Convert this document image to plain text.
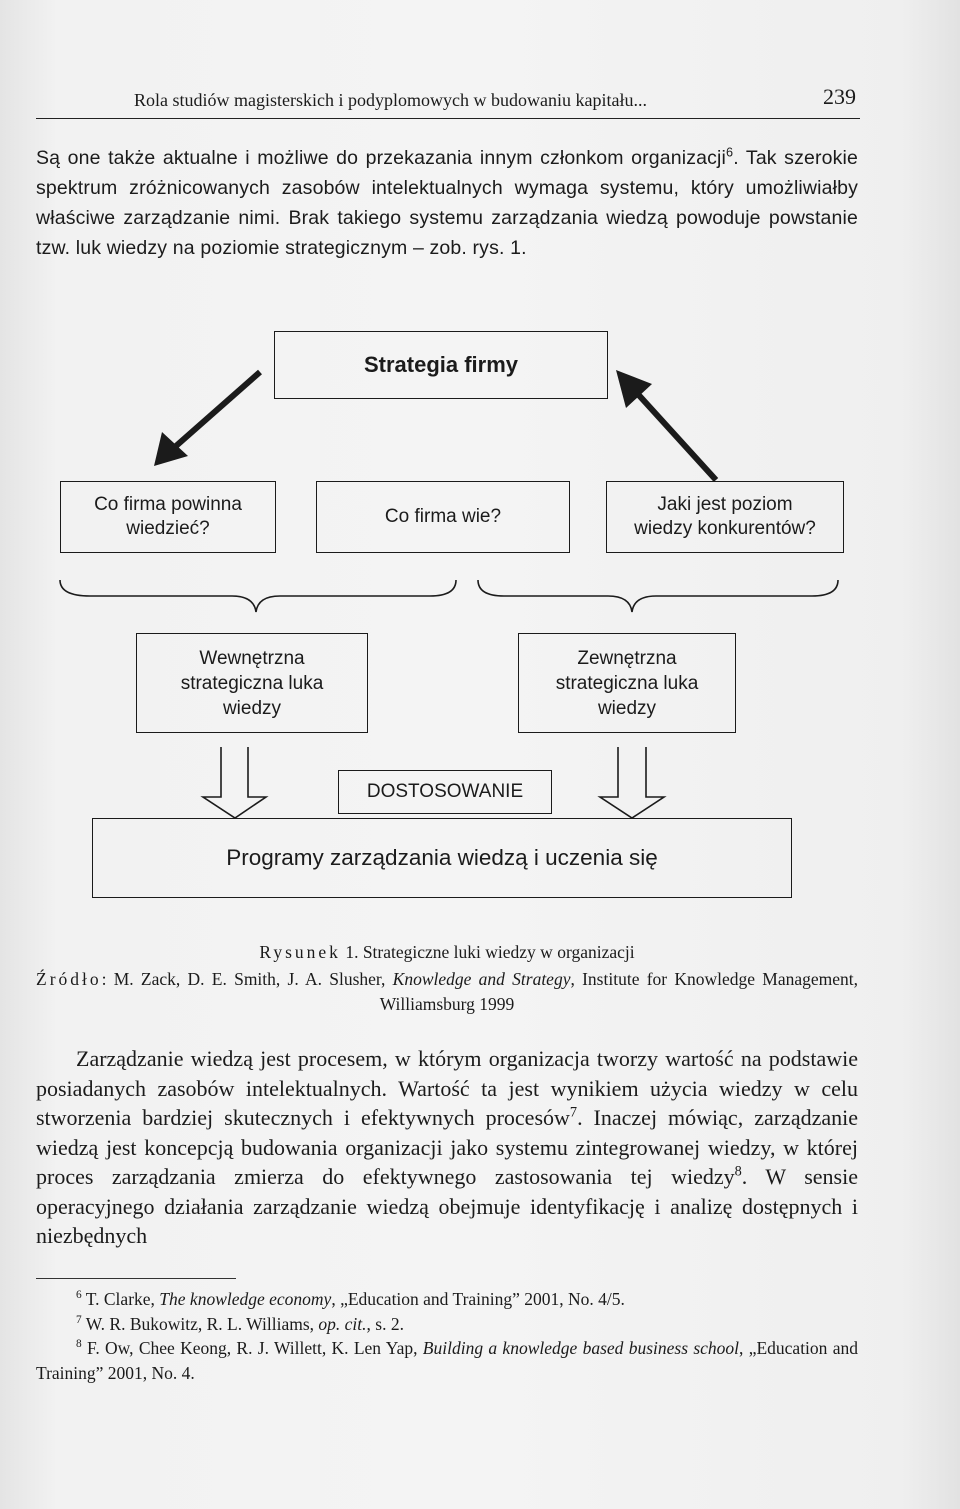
Rola studiów magisterskich i podyplomowych w budowaniu kapitału...	239

Są one także aktualne i możliwe do przekazania innym członkom organizacji$^6$. Tak szerokie spektrum zróżnicowanych zasobów intelektualnych wymaga systemu, który umożliwiałby właściwe zarządzanie nimi. Brak takiego systemu zarządzania wiedzą powoduje powstanie tzw. luk wiedzy na poziomie strategicznym – zob. rys. 1.

Strategia firmy
Co firma powinna
wiedzieć?
Co firma wie?
Jaki jest poziom
wiedzy konkurentów?
Wewnętrzna
strategiczna luka
wiedzy
Zewnętrzna
strategiczna luka
wiedzy
DOSTOSOWANIE
Programy zarządzania wiedzą i uczenia się

Rysunek 1. Strategiczne luki wiedzy w organizacji

Źródło: M. Zack, D. E. Smith, J. A. Slusher, Knowledge and Strategy, Institute for Knowledge Management, Williamsburg 1999

Zarządzanie wiedzą jest procesem, w którym organizacja tworzy wartość na podstawie posiadanych zasobów intelektualnych. Wartość ta jest wynikiem użycia wiedzy w celu stworzenia bardziej skutecznych i efektywnych procesów$^7$. Inaczej mówiąc, zarządzanie wiedzą jest koncepcją budowania organizacji jako systemu zintegrowanej wiedzy, w której proces zarządzania zmierza do efektywnego zastosowania tej wiedzy$^8$. W sensie operacyjnego działania zarządzanie wiedzą obejmuje identyfikację i analizę dostępnych i niezbędnych

$^6$ T. Clarke, The knowledge economy, „Education and Training” 2001, No. 4/5.

$^7$ W. R. Bukowitz, R. L. Williams, op. cit., s. 2.

$^8$ F. Ow, Chee Keong, R. J. Willett, K. Len Yap, Building a knowledge based business school, „Education and Training” 2001, No. 4.
